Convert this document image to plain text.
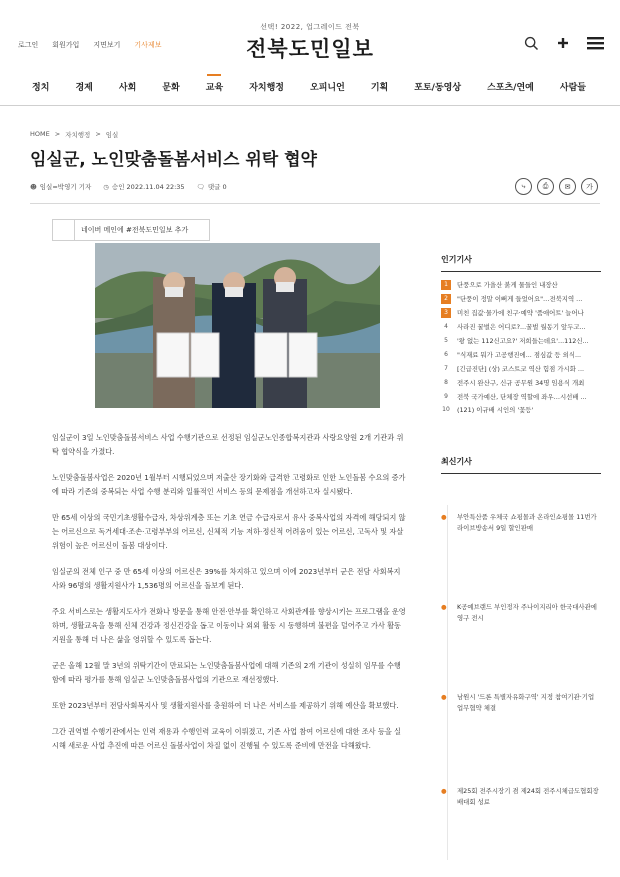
로그인 회원가입 지면보기 기사제보
선택! 2022, 업그레이드 전북
전북도민일보
정치	경제	사회	문화	교육	자치행정	오피니언	기획	포토/동영상	스포츠/연예	사람들
HOME > 자치행정 > 임실
임실군, 노인맞춤돌봄서비스 위탁 협약
☻ 임실=박영기 기자 ◷ 승인 2022.11.04 22:35 🗨 댓글 0	⤷	⎙	✉	가
네이버 메인에 #전북도민일보 추가

임실군이 3일 노인맞춤돌봄서비스 사업 수행기관으로 선정된 임실군노인종합복지관과 사랑요양원 2개 기관과 위탁 협약식을 가졌다.

노인맞춤돌봄사업은 2020년 1월부터 시행되었으며 저출산 장기화와 급격한 고령화로 인한 노인돌봄 수요의 증가에 따라 기존의 중복되는 사업 수행 분리와 일률적인 서비스 등의 문제점을 개선하고자 실시됐다.

만 65세 이상의 국민기초생활수급자, 차상위계층 또는 기초 연금 수급자로서 유사 중복사업의 자격에 해당되지 않는 어르신으로 독거세대·조손·고령부부의 어르신, 신체적 기능 저하·정신적 어려움이 있는 어르신, 고독사 및 자살 위험이 높은 어르신이 돌봄 대상이다.

임실군의 전체 인구 중 만 65세 이상의 어르신은 39%를 차지하고 있으며 이에 2023년부터 군은 전담 사회복지사와 96명의 생활지원사가 1,536명의 어르신을 돌보게 된다.

주요 서비스로는 생활지도사가 전화나 방문을 통해 안전·안부를 확인하고 사회관계를 향상시키는 프로그램을 운영하며, 생활교육을 통해 신체 건강과 정신건강을 돕고 이동이나 외외 활동 시 동행하며 불편을 덜어주고 가사 활동 지원을 통해 더 나은 삶을 영위할 수 있도록 돕는다.

군은 올해 12월 말 3년의 위탁기간이 만료되는 노인맞춤돌봄사업에 대해 기존의 2개 기관이 성실히 임무를 수행함에 따라 평가를 통해 임실군 노인맞춤돌봄사업의 기관으로 재선정했다.

또한 2023년부터 전담사회복지사 및 생활지원사를 충원하여 더 나은 서비스를 제공하기 위해 예산을 확보했다.

그간 권역별 수행기관에서는 인력 재용과 수행인력 교육이 이뤄졌고, 기존 사업 참여 어르신에 대한 조사 등을 실시해 새로운 사업 추진에 따른 어르신 돌봄사업이 차질 없이 진행될 수 있도록 준비에 만전을 다해왔다.

인기기사
1	단풍으로 가을산 붉게 물들인 내장산
2	"단풍이 정말 이뻐게 들었어요"…전북지역 ...
3	미친 집값·물가에 친구·예약 '품애어트' 늘어나
4	사라진 꿀벌은 어디로?...꿀벌 월동기 앞두고...
5	'왕 없는 112신고요?' 저희들는데요'...112신...
6	"식재료 뭐가 고공행진에... 점심값 등 외식...
7	[긴급진단] (상) 코스트코 역산 힘점 가시화 ...
8	전주시 완산구, 신규 공무원 34명 임용식 개최
9	전북 국가예산, 단체장 역할에 좌우…시선배 ...
10 (121) 이규배 시인의 '꽃등'
최신기사
●	부안특산품 우체국 쇼핑몰과 온라인쇼핑몰 11번가 라이브방송서 9일 할인판매
●	K공예브랜드 부인정자 주나이지리아 한국대사관에 영구 전시
●	남원시 '드론 특별자유화구역' 지정 참여기관·기업 업무협약 체결
●	제25회 전주시장기 겸 제24회 전주시체급도협회장배대회 성료
